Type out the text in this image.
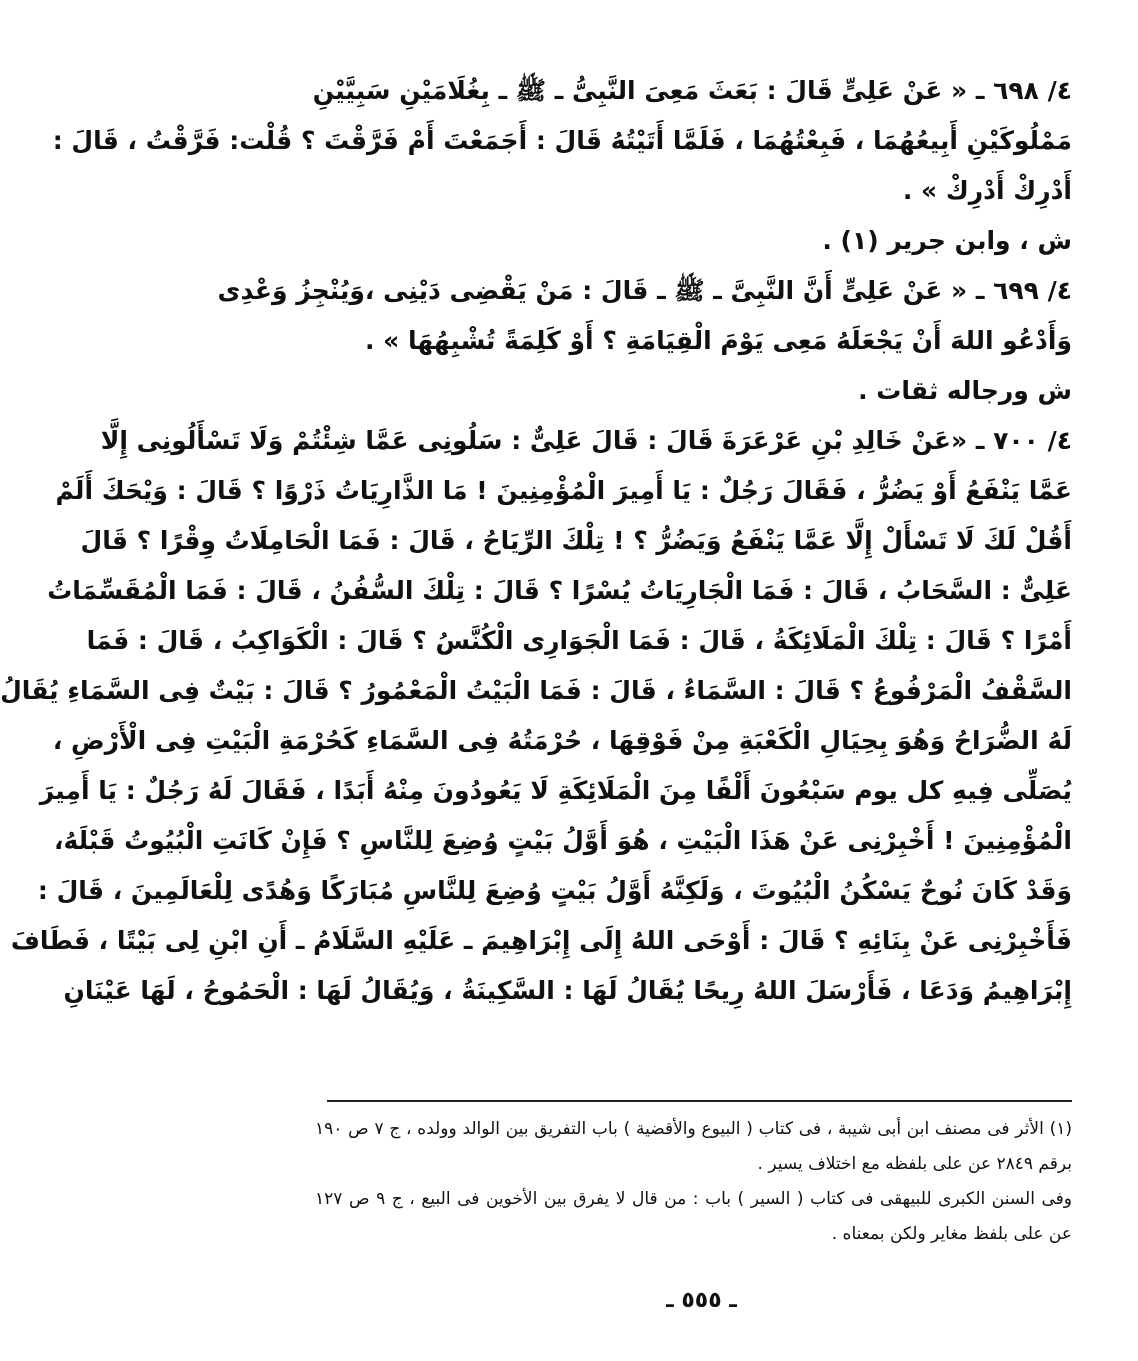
٤/ ٦٩٨ ـ « عَنْ عَلِىٍّ قَالَ : بَعَثَ مَعِىَ النَّبِىُّ ـ ﷺ ـ بِغُلَامَيْنِ سَبِيَّيْنِ
مَمْلُوكَيْنِ أَبِيعُهُمَا ، فَبِعْتُهُمَا ، فَلَمَّا أَتَيْتُهُ قَالَ : أَجَمَعْتَ أَمْ فَرَّقْتَ ؟ قُلْت: فَرَّقْتُ ، قَالَ :
أَدْرِكْ أَدْرِكْ » .
ش ، وابن جرير (١) .
٤/ ٦٩٩ ـ « عَنْ عَلِىٍّ أَنَّ النَّبِىَّ ـ ﷺ ـ قَالَ : مَنْ يَقْضِى دَيْنِى ،وَيُنْجِزُ وَعْدِى
وَأَدْعُو اللهَ أَنْ يَجْعَلَهُ مَعِى يَوْمَ الْقِيَامَةِ ؟ أَوْ كَلِمَةً تُشْبِهُهَا » .
ش ورجاله ثقات .
٤/ ٧٠٠ ـ «عَنْ خَالِدِ بْنِ عَرْعَرَةَ قَالَ : قَالَ عَلِىٌّ : سَلُونِى عَمَّا شِئْتُمْ وَلَا تَسْأَلُونِى إِلَّا
عَمَّا يَنْفَعُ أَوْ يَضُرُّ ، فَقَالَ رَجُلٌ : يَا أَمِيرَ الْمُؤْمِنِينَ ! مَا الذَّارِيَاتُ ذَرْوًا ؟ قَالَ : وَيْحَكَ أَلَمْ
أَقُلْ لَكَ لَا تَسْأَلْ إِلَّا عَمَّا يَنْفَعُ وَيَضُرُّ ؟ ! تِلْكَ الرِّيَاحُ ، قَالَ : فَمَا الْحَامِلَاتُ وِقْرًا ؟ قَالَ
عَلِىٌّ : السَّحَابُ ، قَالَ : فَمَا الْجَارِيَاتُ يُسْرًا ؟ قَالَ : تِلْكَ السُّفُنُ ، قَالَ : فَمَا الْمُقَسِّمَاتُ
أَمْرًا ؟ قَالَ : تِلْكَ الْمَلَائِكَةُ ، قَالَ : فَمَا الْجَوَارِى الْكُنَّسُ ؟ قَالَ : الْكَوَاكِبُ ، قَالَ : فَمَا
السَّقْفُ الْمَرْفُوعُ ؟ قَالَ : السَّمَاءُ ، قَالَ : فَمَا الْبَيْتُ الْمَعْمُورُ ؟ قَالَ : بَيْتٌ فِى السَّمَاءِ يُقَالُ
لَهُ الضُّرَاحُ وَهُوَ بِحِيَالِ الْكَعْبَةِ مِنْ فَوْقِهَا ، حُرْمَتُهُ فِى السَّمَاءِ كَحُرْمَةِ الْبَيْتِ فِى الْأَرْضِ ،
يُصَلِّى فِيهِ كل يوم سَبْعُونَ أَلْفًا مِنَ الْمَلَائِكَةِ لَا يَعُودُونَ مِنْهُ أَبَدًا ، فَقَالَ لَهُ رَجُلٌ : يَا أَمِيرَ
الْمُؤْمِنِينَ ! أَخْبِرْنِى عَنْ هَذَا الْبَيْتِ ، هُوَ أَوَّلُ بَيْتٍ وُضِعَ لِلنَّاسِ ؟ فَإِنْ كَانَتِ الْبُيُوتُ قَبْلَهُ،
وَقَدْ كَانَ نُوحٌ يَسْكُنُ الْبُيُوتَ ، وَلَكِنَّهُ أَوَّلُ بَيْتٍ وُضِعَ لِلنَّاسِ مُبَارَكًا وَهُدًى لِلْعَالَمِينَ ، قَالَ :
فَأَخْبِرْنِى عَنْ بِنَائِهِ ؟ قَالَ : أَوْحَى اللهُ إِلَى إِبْرَاهِيمَ ـ عَلَيْهِ السَّلَامُ ـ أَنِ ابْنِ لِى بَيْتًا ، فَطَافَ
إِبْرَاهِيمُ وَدَعَا ، فَأَرْسَلَ اللهُ رِيحًا يُقَالُ لَهَا : السَّكِينَةُ ، وَيُقَالُ لَهَا : الْحَمُوحُ ، لَهَا عَيْنَانِ
(١) الأثر فى مصنف ابن أبى شيبة ، فى كتاب ( البيوع والأقضية ) باب التفريق بين الوالد وولده ، ج ٧ ص ١٩٠
برقم ٢٨٤٩ عن على بلفظه مع اختلاف يسير .
وفى السنن الكبرى للبيهقى فى كتاب ( السير ) باب : من قال لا يفرق بين الأخوين فى البيع ، ج ٩ ص ١٢٧
عن على بلفظ مغاير ولكن بمعناه .
ـ ٥٥٥ ـ
